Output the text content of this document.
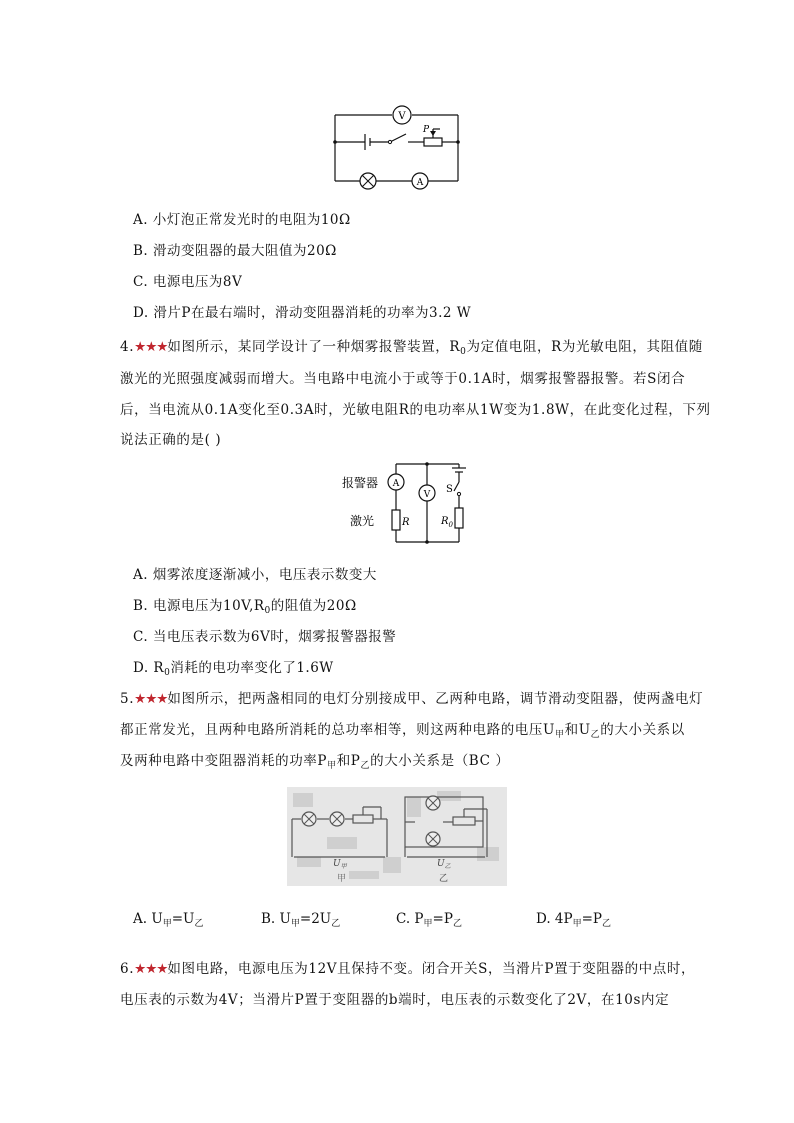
V
P
A
A. 小灯泡正常发光时的电阻为10Ω
B. 滑动变阻器的最大阻值为20Ω
C. 电源电压为8V
D. 滑片P在最右端时，滑动变阻器消耗的功率为3.2 W
4.★★★如图所示，某同学设计了一种烟雾报警装置，$R_0$为定值电阻，R为光敏电阻，其阻值随
激光的光照强度减弱而增大。当电路中电流小于或等于0.1A时，烟雾报警器报警。若S闭合
后，当电流从0.1A变化至0.3A时，光敏电阻R的电功率从1W变为1.8W，在此变化过程，下列
说法正确的是( )
A
V
报警器
激光
S
R	$R_0$
A. 烟雾浓度逐渐减小，电压表示数变大
B. 电源电压为$10V,R_0$的阻值为20Ω
C. 当电压表示数为6V时，烟雾报警器报警
D. $R_0$消耗的电功率变化了1.6W
5.★★★如图所示，把两盏相同的电灯分别接成甲、乙两种电路，调节滑动变阻器，使两盏电灯
都正常发光，且两种电路所消耗的总功率相等，则这两种电路的电压$U_甲$和$U_乙$的大小关系以
及两种电路中变阻器消耗的功率$P_甲$和$P_乙$的大小关系是（BC ）
$U_甲$	$U_乙$
甲	乙
A. $U_甲=U_乙$	B. $U_甲=2U_乙$	C. $P_甲=P_乙$	D. $4P_甲=P_乙$
6.★★★如图电路，电源电压为12V且保持不变。闭合开关S，当滑片P置于变阻器的中点时，
电压表的示数为4V；当滑片P置于变阻器的b端时，电压表的示数变化了2V，在10s内定
